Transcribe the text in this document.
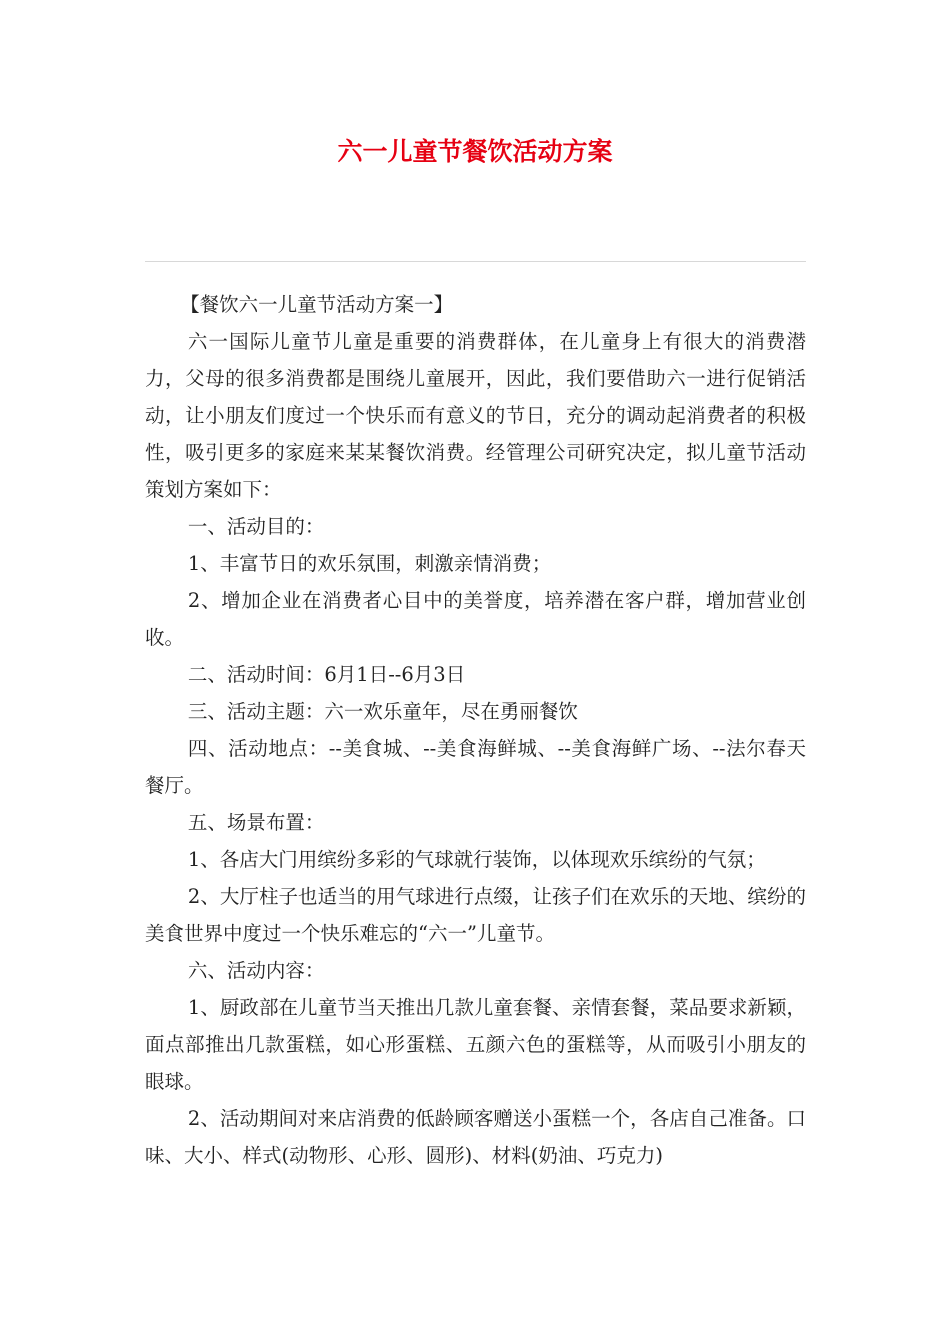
六一儿童节餐饮活动方案

【餐饮六一儿童节活动方案一】

六一国际儿童节儿童是重要的消费群体，在儿童身上有很大的消费潜力，父母的很多消费都是围绕儿童展开，因此，我们要借助六一进行促销活动，让小朋友们度过一个快乐而有意义的节日，充分的调动起消费者的积极性，吸引更多的家庭来某某餐饮消费。经管理公司研究决定，拟儿童节活动策划方案如下：

一、活动目的：

1、丰富节日的欢乐氛围，刺激亲情消费；

2、增加企业在消费者心目中的美誉度，培养潜在客户群，增加营业创收。

二、活动时间：6月1日--6月3日

三、活动主题：六一欢乐童年，尽在勇丽餐饮

四、活动地点：--美食城、--美食海鲜城、--美食海鲜广场、--法尔春天餐厅。

五、场景布置：

1、各店大门用缤纷多彩的气球就行装饰，以体现欢乐缤纷的气氛；

2、大厅柱子也适当的用气球进行点缀，让孩子们在欢乐的天地、缤纷的美食世界中度过一个快乐难忘的“六一”儿童节。

六、活动内容：

1、厨政部在儿童节当天推出几款儿童套餐、亲情套餐，菜品要求新颖，面点部推出几款蛋糕，如心形蛋糕、五颜六色的蛋糕等，从而吸引小朋友的眼球。

2、活动期间对来店消费的低龄顾客赠送小蛋糕一个，各店自己准备。口味、大小、样式(动物形、心形、圆形)、材料(奶油、巧克力)
